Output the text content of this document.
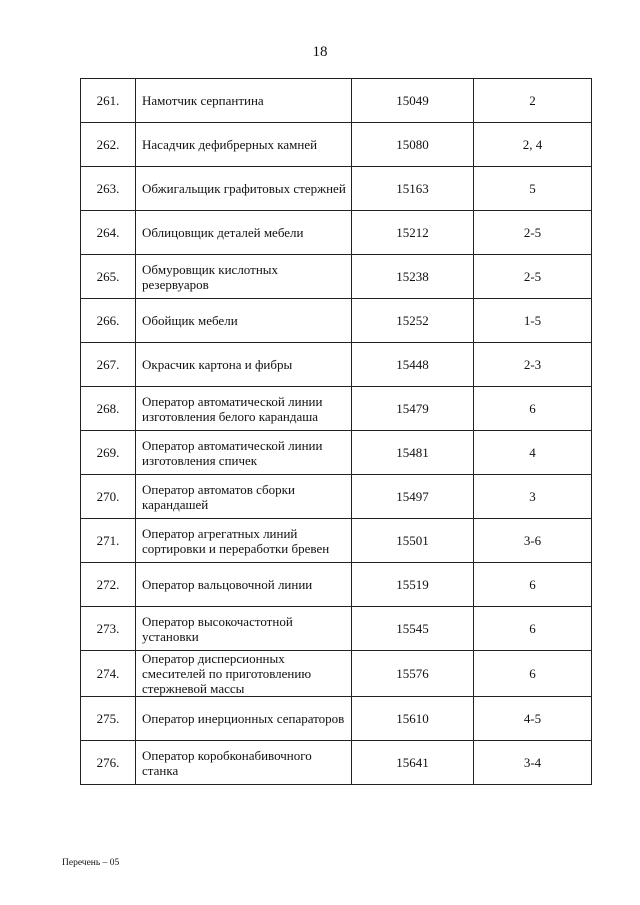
18
261.	Намотчик серпантина	15049	2
262.	Насадчик дефибрерных камней	15080	2, 4
263.	Обжигальщик графитовых стержней	15163	5
264.	Облицовщик деталей мебели	15212	2-5
265.	Обмуровщик кислотных резервуаров	15238	2-5
266.	Обойщик мебели	15252	1-5
267.	Окрасчик картона и фибры	15448	2-3
268.	Оператор автоматической линии изготовления белого карандаша	15479	6
269.	Оператор автоматической линии изготовления спичек	15481	4
270.	Оператор автоматов сборки карандашей	15497	3
271.	Оператор агрегатных линий сортировки и переработки бревен	15501	3-6
272.	Оператор вальцовочной линии	15519	6
273.	Оператор высокочастотной установки	15545	6
274.	Оператор дисперсионных смесителей по приготовлению стержневой массы	15576	6
275.	Оператор инерционных сепараторов	15610	4-5
276.	Оператор коробконабивочного станка	15641	3-4
Перечень – 05
